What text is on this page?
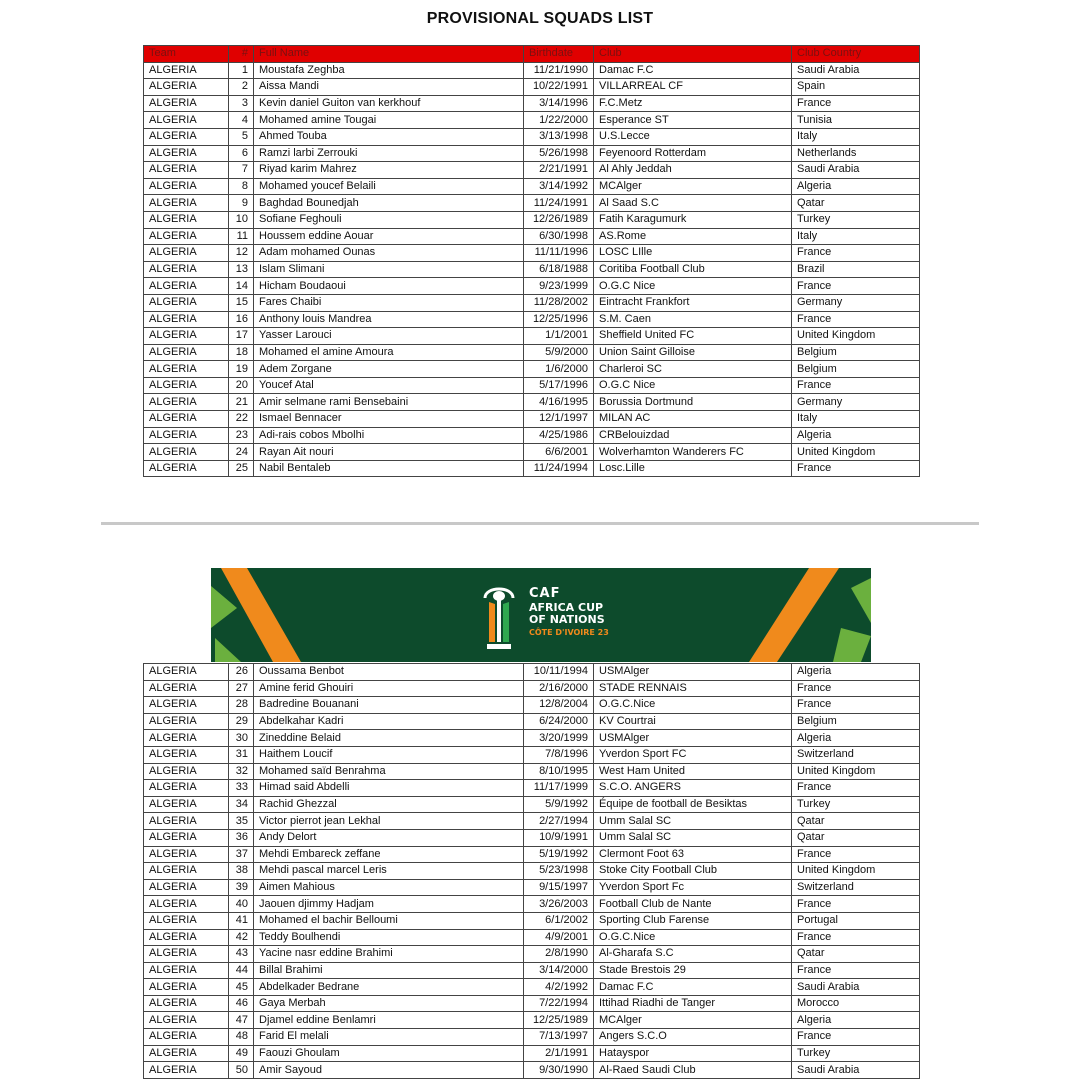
PROVISIONAL SQUADS LIST
Team	#	Full Name	Birthdate	Club	Club Country
ALGERIA	1	Moustafa Zeghba	11/21/1990	Damac F.C	Saudi Arabia
ALGERIA	2	Aissa Mandi	10/22/1991	VILLARREAL CF	Spain
ALGERIA	3	Kevin daniel Guiton van kerkhouf	3/14/1996	F.C.Metz	France
ALGERIA	4	Mohamed amine Tougai	1/22/2000	Esperance ST	Tunisia
ALGERIA	5	Ahmed Touba	3/13/1998	U.S.Lecce	Italy
ALGERIA	6	Ramzi larbi Zerrouki	5/26/1998	Feyenoord Rotterdam	Netherlands
ALGERIA	7	Riyad karim Mahrez	2/21/1991	Al Ahly Jeddah	Saudi Arabia
ALGERIA	8	Mohamed youcef Belaili	3/14/1992	MCAlger	Algeria
ALGERIA	9	Baghdad Bounedjah	11/24/1991	Al Saad S.C	Qatar
ALGERIA	10	Sofiane Feghouli	12/26/1989	Fatih Karagumurk	Turkey
ALGERIA	11	Houssem eddine Aouar	6/30/1998	AS.Rome	Italy
ALGERIA	12	Adam mohamed Ounas	11/11/1996	LOSC LIlle	France
ALGERIA	13	Islam Slimani	6/18/1988	Coritiba Football Club	Brazil
ALGERIA	14	Hicham Boudaoui	9/23/1999	O.G.C Nice	France
ALGERIA	15	Fares Chaibi	11/28/2002	Eintracht Frankfort	Germany
ALGERIA	16	Anthony louis Mandrea	12/25/1996	S.M. Caen	France
ALGERIA	17	Yasser Larouci	1/1/2001	Sheffield United FC	United Kingdom
ALGERIA	18	Mohamed el amine Amoura	5/9/2000	Union Saint Gilloise	Belgium
ALGERIA	19	Adem Zorgane	1/6/2000	Charleroi SC	Belgium
ALGERIA	20	Youcef Atal	5/17/1996	O.G.C Nice	France
ALGERIA	21	Amir selmane rami Bensebaini	4/16/1995	Borussia Dortmund	Germany
ALGERIA	22	Ismael Bennacer	12/1/1997	MILAN AC	Italy
ALGERIA	23	Adi-rais cobos Mbolhi	4/25/1986	CRBelouizdad	Algeria
ALGERIA	24	Rayan Ait nouri	6/6/2001	Wolverhamton Wanderers FC	United Kingdom
ALGERIA	25	Nabil Bentaleb	11/24/1994	Losc.Lille	France
CAF
AFRICA CUP
OF NATIONS
CÔTE D'IVOIRE 23
ALGERIA	26	Oussama Benbot	10/11/1994	USMAlger	Algeria
ALGERIA	27	Amine ferid Ghouiri	2/16/2000	STADE RENNAIS	France
ALGERIA	28	Badredine Bouanani	12/8/2004	O.G.C.Nice	France
ALGERIA	29	Abdelkahar Kadri	6/24/2000	KV Courtrai	Belgium
ALGERIA	30	Zineddine Belaid	3/20/1999	USMAlger	Algeria
ALGERIA	31	Haithem Loucif	7/8/1996	Yverdon Sport FC	Switzerland
ALGERIA	32	Mohamed saïd Benrahma	8/10/1995	West Ham United	United Kingdom
ALGERIA	33	Himad said Abdelli	11/17/1999	S.C.O. ANGERS	France
ALGERIA	34	Rachid Ghezzal	5/9/1992	Équipe de football de Besiktas	Turkey
ALGERIA	35	Victor pierrot jean Lekhal	2/27/1994	Umm Salal SC	Qatar
ALGERIA	36	Andy Delort	10/9/1991	Umm Salal SC	Qatar
ALGERIA	37	Mehdi Embareck zeffane	5/19/1992	Clermont Foot 63	France
ALGERIA	38	Mehdi pascal marcel Leris	5/23/1998	Stoke City Football Club	United Kingdom
ALGERIA	39	Aimen Mahious	9/15/1997	Yverdon Sport Fc	Switzerland
ALGERIA	40	Jaouen djimmy Hadjam	3/26/2003	Football Club de Nante	France
ALGERIA	41	Mohamed el bachir Belloumi	6/1/2002	Sporting Club Farense	Portugal
ALGERIA	42	Teddy Boulhendi	4/9/2001	O.G.C.Nice	France
ALGERIA	43	Yacine nasr eddine Brahimi	2/8/1990	Al-Gharafa S.C	Qatar
ALGERIA	44	Billal Brahimi	3/14/2000	Stade Brestois 29	France
ALGERIA	45	Abdelkader Bedrane	4/2/1992	Damac F.C	Saudi Arabia
ALGERIA	46	Gaya Merbah	7/22/1994	Ittihad Riadhi de Tanger	Morocco
ALGERIA	47	Djamel eddine Benlamri	12/25/1989	MCAlger	Algeria
ALGERIA	48	Farid El melali	7/13/1997	Angers S.C.O	France
ALGERIA	49	Faouzi Ghoulam	2/1/1991	Hatayspor	Turkey
ALGERIA	50	Amir Sayoud	9/30/1990	Al-Raed Saudi Club	Saudi Arabia
